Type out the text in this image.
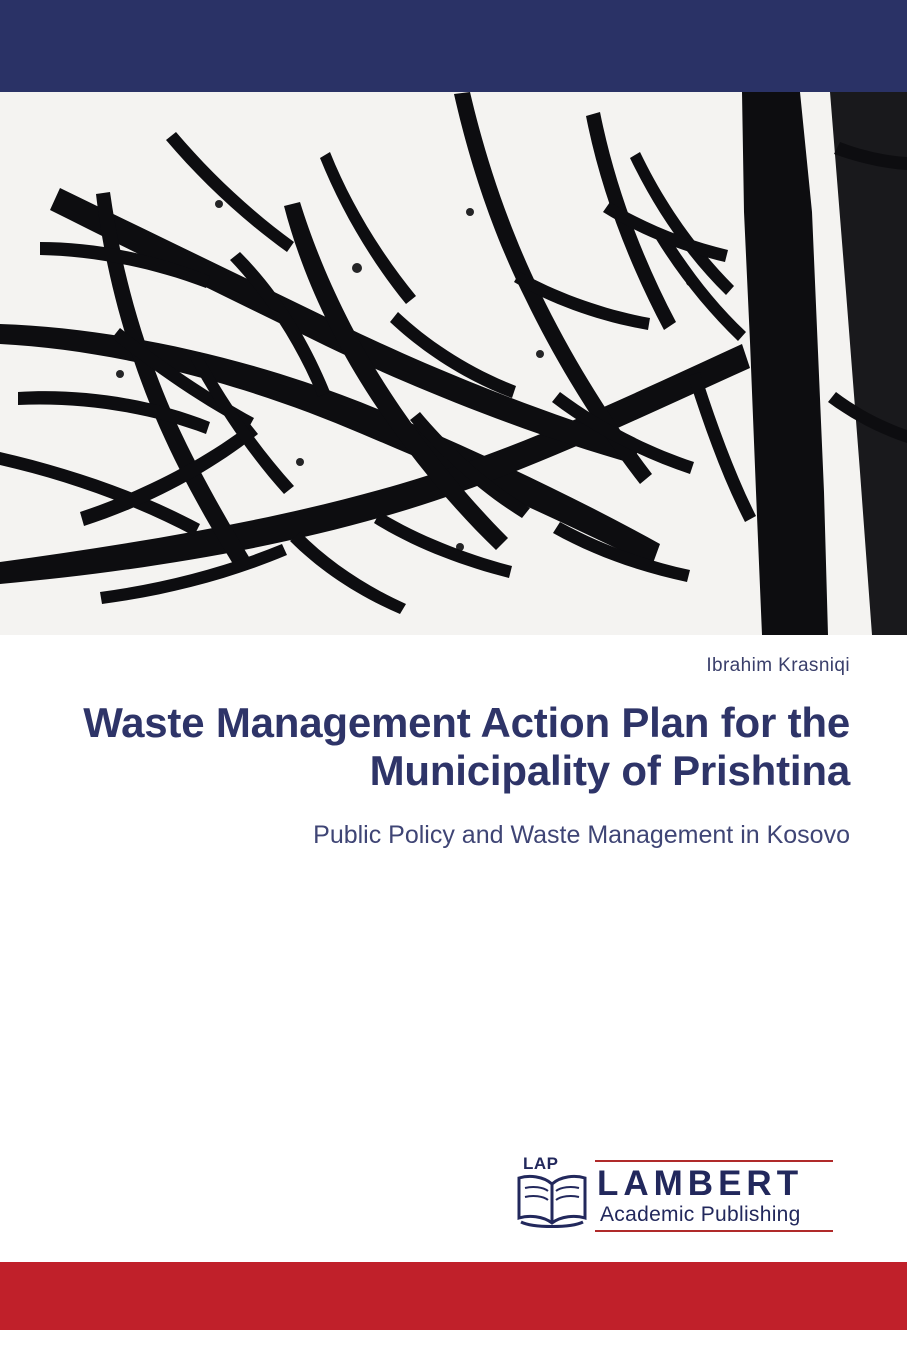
Ibrahim Krasniqi

Waste Management Action Plan for the Municipality of Prishtina

Public Policy and Waste Management in Kosovo

LAP
LAMBERT
Academic Publishing
